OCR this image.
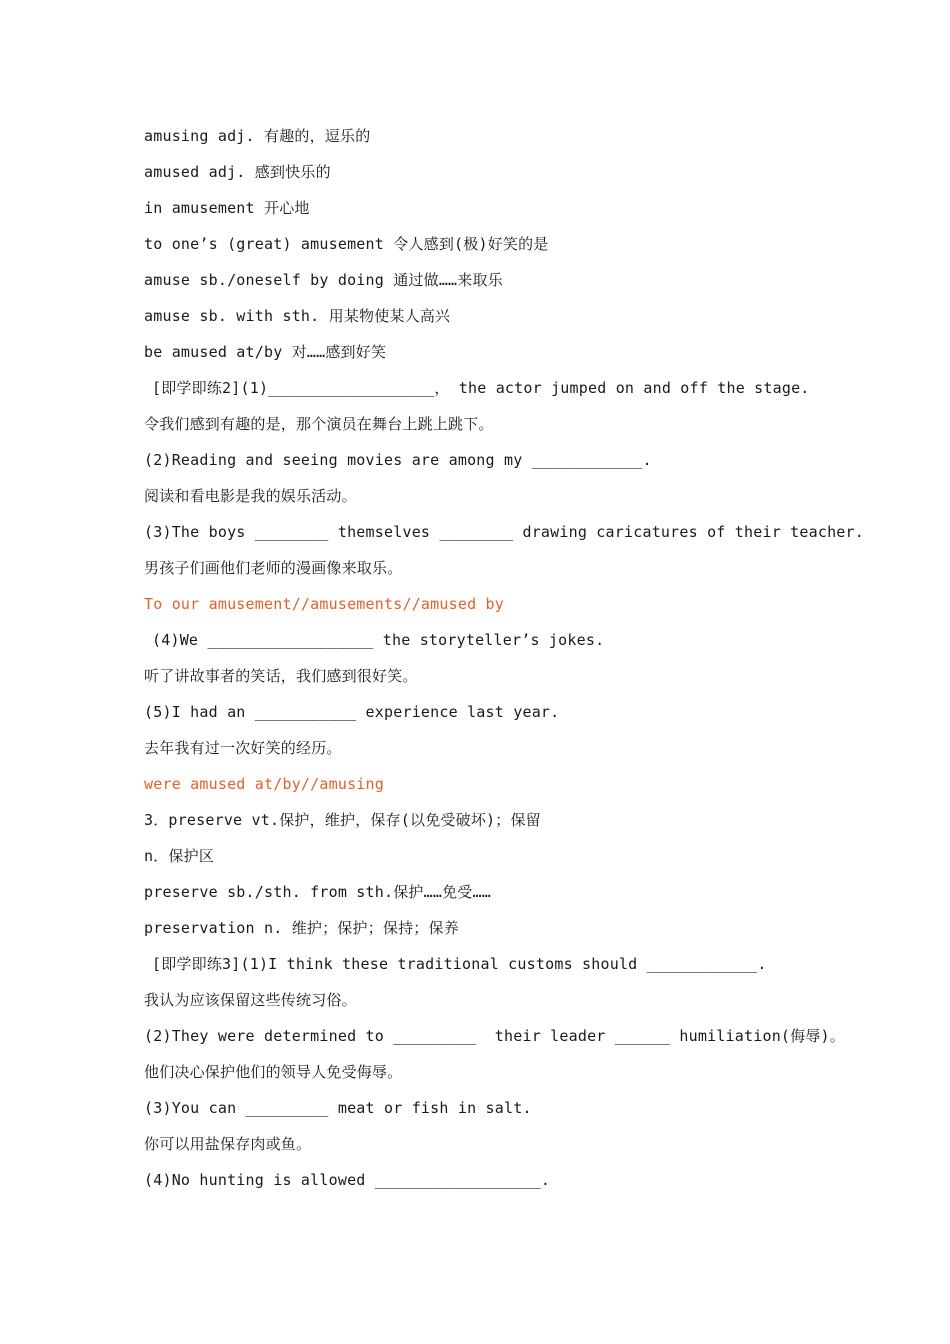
amusing adj. 有趣的，逗乐的
amused adj. 感到快乐的
in amusement 开心地
to one’s (great) amusement 令人感到(极)好笑的是
amuse sb./oneself by doing 通过做……来取乐
amuse sb. with sth. 用某物使某人高兴
be amused at/by 对……感到好笑
[即学即练2](1)__________________， the actor jumped on and off the stage.
令我们感到有趣的是，那个演员在舞台上跳上跳下。
(2)Reading and seeing movies are among my ____________.
阅读和看电影是我的娱乐活动。
(3)The boys ________ themselves ________ drawing caricatures of their teacher.
男孩子们画他们老师的漫画像来取乐。
To our amusement//amusements//amused by
(4)We __________________ the storyteller’s jokes.
听了讲故事者的笑话，我们感到很好笑。
(5)I had an ___________ experience last year.
去年我有过一次好笑的经历。
were amused at/by//amusing
3．preserve vt.保护，维护，保存(以免受破坏)；保留
n．保护区
preserve sb./sth. from sth.保护……免受……
preservation n. 维护；保护；保持；保养
[即学即练3](1)I think these traditional customs should ____________.
我认为应该保留这些传统习俗。
(2)They were determined to _________  their leader ______ humiliation(侮辱)。
他们决心保护他们的领导人免受侮辱。
(3)You can _________ meat or fish in salt.
你可以用盐保存肉或鱼。
(4)No hunting is allowed __________________.
